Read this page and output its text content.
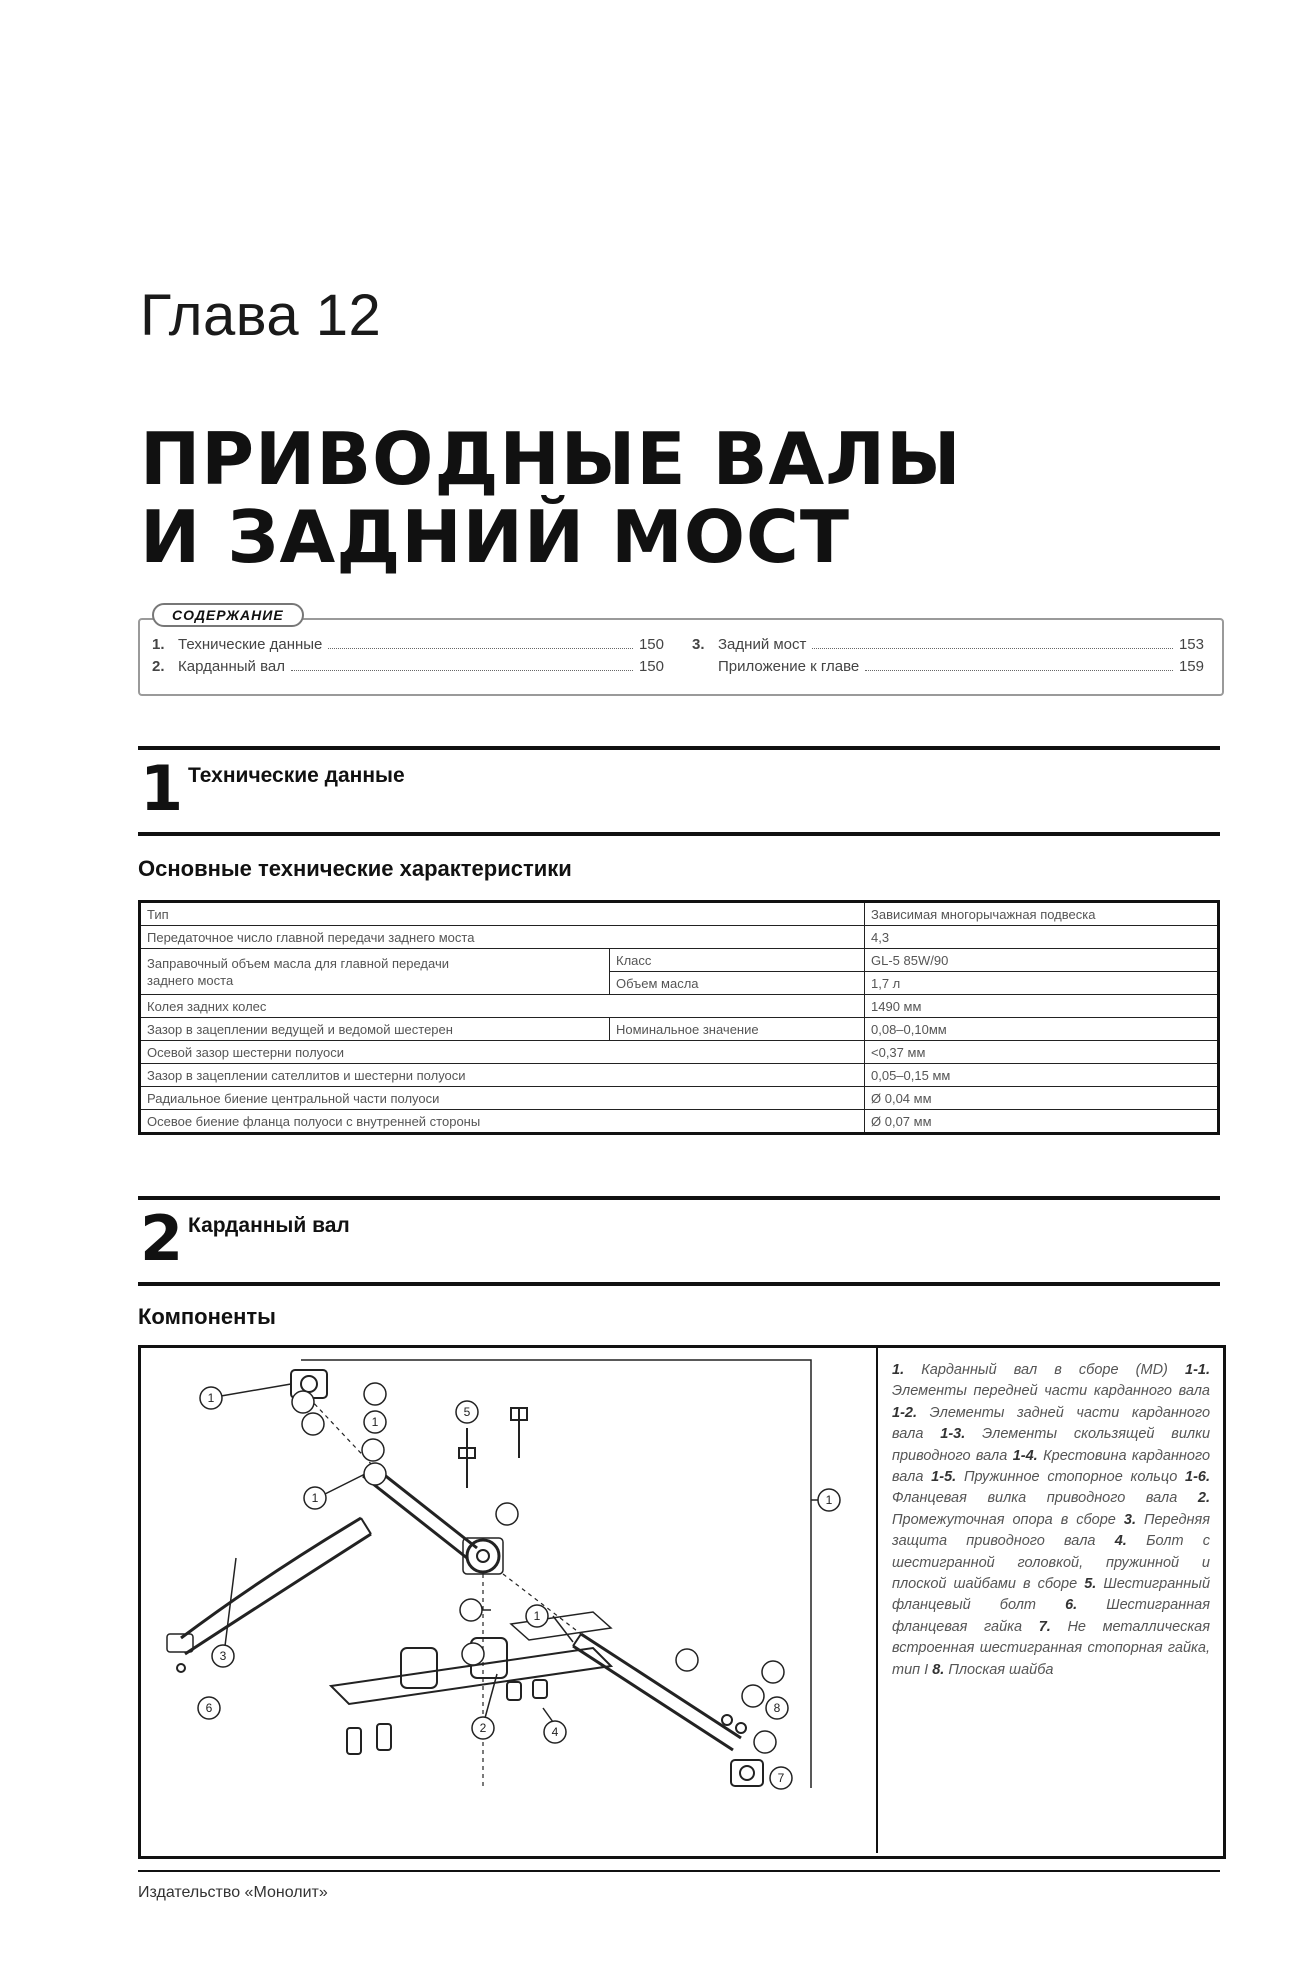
Глава 12
ПРИВОДНЫЕ ВАЛЫ
И ЗАДНИЙ МОСТ
СОДЕРЖАНИЕ
1. Технические данные	150
2. Карданный вал	150
3. Задний мост	153
Приложение к главе	159
1 Технические данные
Основные технические характеристики
Тип		Зависимая многорычажная подвеска
Передаточное число главной передачи заднего моста		4,3
Заправочный объем масла для главной передачи
заднего моста	Класс	GL-5 85W/90
	Объем масла	1,7 л
Колея задних колес		1490 мм
Зазор в зацеплении ведущей и ведомой шестерен	Номинальное значение	0,08–0,10мм
Осевой зазор шестерни полуоси		<0,37 мм
Зазор в зацеплении сателлитов и шестерни полуоси		0,05–0,15 мм
Радиальное биение центральной части полуоси		Ø 0,04 мм
Осевое биение фланца полуоси с внутренней стороны		Ø 0,07 мм
2 Карданный вал
Компоненты
1
1	1
1
1
2
3
4
5
6
7
8
1. Карданный вал в сборе (MD) 1-1. Элементы передней части карданного вала 1-2. Элементы задней части карданного вала 1-3. Элементы скользящей вилки приводного вала 1-4. Крестовина карданного вала 1-5. Пружинное стопорное кольцо 1-6. Фланцевая вилка приводного вала 2. Промежуточная опора в сборе 3. Передняя защита приводного вала 4. Болт с шестигранной головкой, пружинной и плоской шайбами в сборе 5. Шестигранный фланцевый болт 6. Шестигранная фланцевая гайка 7. Не металлическая встроенная шестигранная стопорная гайка, тип I 8. Плоская шайба
Издательство «Монолит»
